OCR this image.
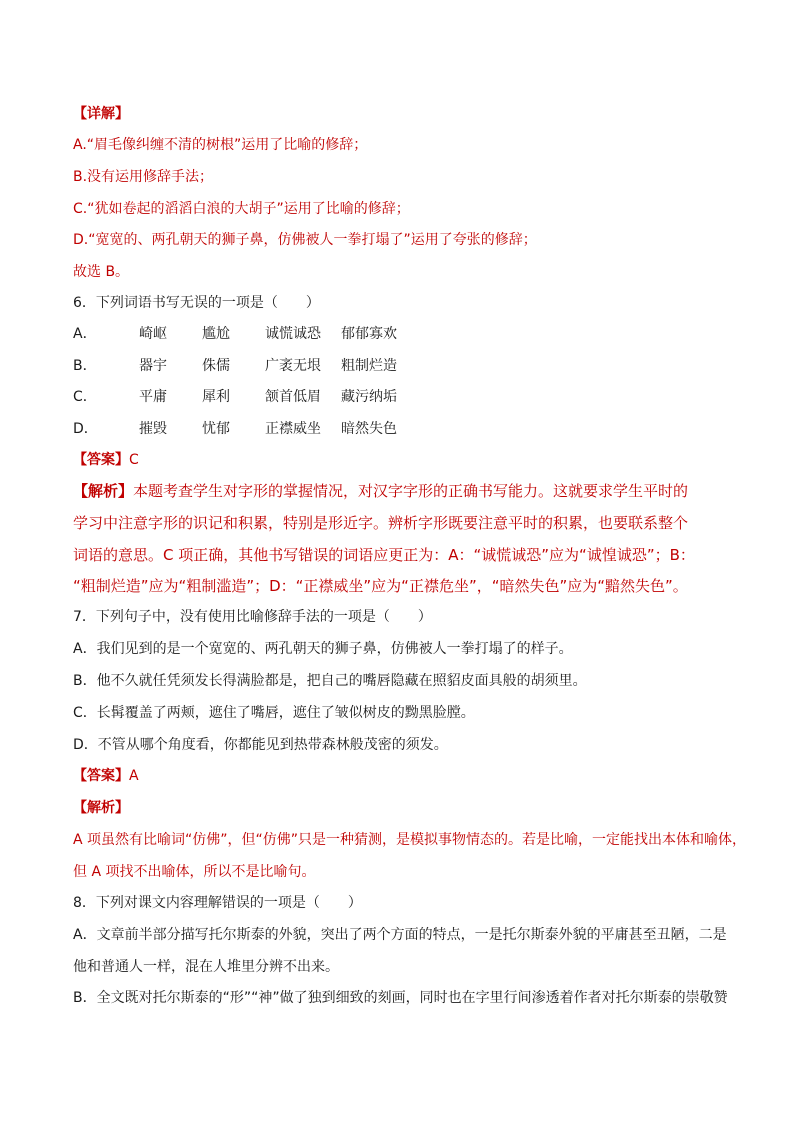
【详解】
A.“眉毛像纠缠不清的树根”运用了比喻的修辞；
B.没有运用修辞手法；
C.“犹如卷起的滔滔白浪的大胡子”运用了比喻的修辞；
D.“宽宽的、两孔朝天的狮子鼻，仿佛被人一拳打塌了”运用了夸张的修辞；
故选 B。
6．下列词语书写无误的一项是（　　）
A．	崎岖	尴尬	诚慌诚恐 郁郁寡欢
B．	器宇	侏儒	广袤无垠 粗制烂造
C．	平庸	犀利	颔首低眉 藏污纳垢
D．	摧毁	忧郁	正襟威坐 暗然失色
【答案】C
【解析】本题考查学生对字形的掌握情况，对汉字字形的正确书写能力。这就要求学生平时的
学习中注意字形的识记和积累，特别是形近字。辨析字形既要注意平时的积累，也要联系整个
词语的意思。C 项正确，其他书写错误的词语应更正为：A：“诚慌诚恐”应为“诚惶诚恐”；B：
“粗制烂造”应为“粗制滥造”；D：“正襟威坐”应为“正襟危坐”，“暗然失色”应为“黯然失色”。
7．下列句子中，没有使用比喻修辞手法的一项是（　　）
A．我们见到的是一个宽宽的、两孔朝天的狮子鼻，仿佛被人一拳打塌了的样子。
B．他不久就任凭须发长得满脸都是，把自己的嘴唇隐藏在照貂皮面具般的胡须里。
C．长髯覆盖了两颊，遮住了嘴唇，遮住了皱似树皮的黝黑脸膛。
D．不管从哪个角度看，你都能见到热带森林般茂密的须发。
【答案】A
【解析】
A 项虽然有比喻词“仿佛”，但“仿佛”只是一种猜测，是模拟事物情态的。若是比喻，一定能找出本体和喻体，
但 A 项找不出喻体，所以不是比喻句。
8．下列对课文内容理解错误的一项是（　　）
A．文章前半部分描写托尔斯泰的外貌，突出了两个方面的特点，一是托尔斯泰外貌的平庸甚至丑陋，二是
他和普通人一样，混在人堆里分辨不出来。
B．全文既对托尔斯泰的“形”“神”做了独到细致的刻画，同时也在字里行间渗透着作者对托尔斯泰的崇敬赞
